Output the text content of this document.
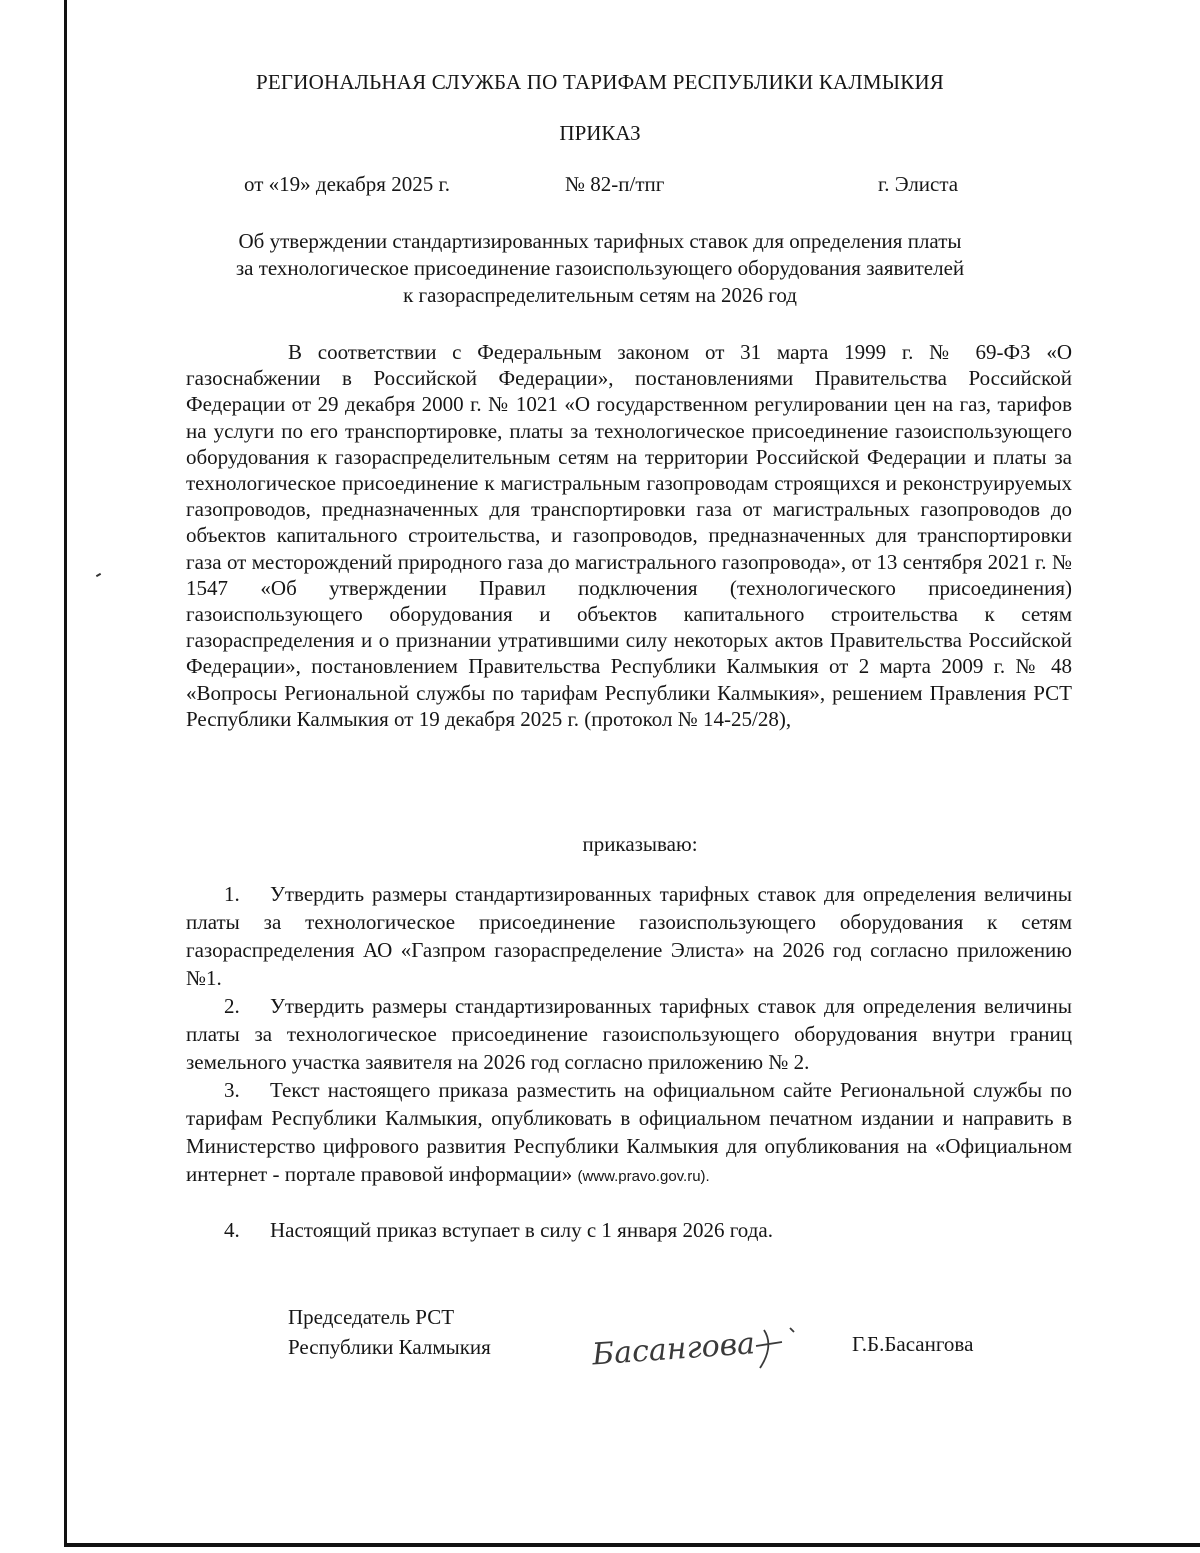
РЕГИОНАЛЬНАЯ СЛУЖБА ПО ТАРИФАМ РЕСПУБЛИКИ КАЛМЫКИЯ
ПРИКАЗ
от «19» декабря 2025 г.	№ 82-п/тпг	г. Элиста

Об утверждении стандартизированных тарифных ставок для определения платы

за технологическое присоединение газоиспользующего оборудования заявителей

к газораспределительным сетям на 2026 год

В соответствии с Федеральным законом от 31 марта 1999 г. № 69-ФЗ «О газоснабжении в Российской Федерации», постановлениями Правительства Российской Федерации от 29 декабря 2000 г. № 1021 «О государственном регулировании цен на газ, тарифов на услуги по его транспортировке, платы за технологическое присоединение газоиспользующего оборудования к газораспределительным сетям на территории Российской Федерации и платы за технологическое присоединение к магистральным газопроводам строящихся и реконструируемых газопроводов, предназначенных для транспортировки газа от магистральных газопроводов до объектов капитального строительства, и газопроводов, предназначенных для транспортировки газа от месторождений природного газа до магистрального газопровода», от 13 сентября 2021 г. № 1547 «Об утверждении Правил подключения (технологического присоединения) газоиспользующего оборудования и объектов капитального строительства к сетям газораспределения и о признании утратившими силу некоторых актов Правительства Российской Федерации», постановлением Правительства Республики Калмыкия от 2 марта 2009 г. № 48 «Вопросы Региональной службы по тарифам Республики Калмыкия», решением Правления РСТ Республики Калмыкия от 19 декабря 2025 г. (протокол № 14-25/28),

приказываю:

1. Утвердить размеры стандартизированных тарифных ставок для определения величины платы за технологическое присоединение газоиспользующего оборудования к сетям газораспределения АО «Газпром газораспределение Элиста» на 2026 год согласно приложению №1.

2. Утвердить размеры стандартизированных тарифных ставок для определения величины платы за технологическое присоединение газоиспользующего оборудования внутри границ земельного участка заявителя на 2026 год согласно приложению № 2.

3. Текст настоящего приказа разместить на официальном сайте Региональной службы по тарифам Республики Калмыкия, опубликовать в официальном печатном издании и направить в Министерство цифрового развития Республики Калмыкия для опубликования на «Официальном интернет - портале правовой информации» (www.pravo.gov.ru).

4. Настоящий приказ вступает в силу с 1 января 2026 года.

Председатель РСТ
Республики Калмыкия	Басангова	Г.Б.Басангова
